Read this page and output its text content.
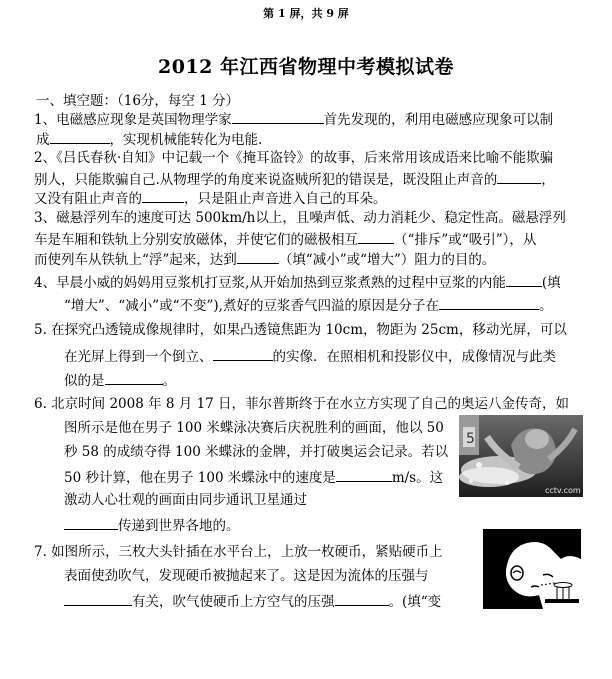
第 1 屏，共 9 屏
2012 年江西省物理中考模拟试卷
一、填空题：（16分，每空 1 分）
1、电磁感应现象是英国物理学家	首先发现的，利用电磁感应现象可以制
成	，实现机械能转化为电能.
2、《吕氏春秋·自知》中记载一个《掩耳盗铃》的故事，后来常用该成语来比喻不能欺骗
别人，只能欺骗自己.从物理学的角度来说盗贼所犯的错误是，既没阻止声音的	，
又没有阻止声音的	，只是阻止声音进入自己的耳朵。
3、磁悬浮列车的速度可达 500km/h以上，且噪声低、动力消耗少、稳定性高。磁悬浮列
车是车厢和铁轨上分别安放磁体，并使它们的磁极相互	（“排斥”或“吸引”），从
而使列车从铁轨上“浮”起来，达到	（填“减小”或“增大”）阻力的目的。
4、早晨小威的妈妈用豆浆机打豆浆,从开始加热到豆浆煮熟的过程中豆浆的内能	(填
“增大”、“减小”或“不变”),煮好的豆浆香气四溢的原因是分子在	。
5. 在探究凸透镜成像规律时，如果凸透镜焦距为 10cm，物距为 25cm，移动光屏，可以
在光屏上得到一个倒立、	的实像．在照相机和投影仪中，成像情况与此类
似的是	。
6. 北京时间 2008 年 8 月 17 日，菲尔普斯终于在水立方实现了自己的奥运八金传奇，如
图所示是他在男子 100 米蝶泳决赛后庆祝胜利的画面，他以 50
秒 58 的成绩夺得 100 米蝶泳的金牌，并打破奥运会记录。若以
50 秒计算，他在男子 100 米蝶泳中的速度是	m/s。这
激动人心壮观的画面由同步通讯卫星通过
传递到世界各地的。
5
cctv.com
7. 如图所示，三枚大头针插在水平台上，上放一枚硬币，紧贴硬币上
表面使劲吹气，发现硬币被抛起来了。这是因为流体的压强与
有关，吹气使硬币上方空气的压强	。(填“变
